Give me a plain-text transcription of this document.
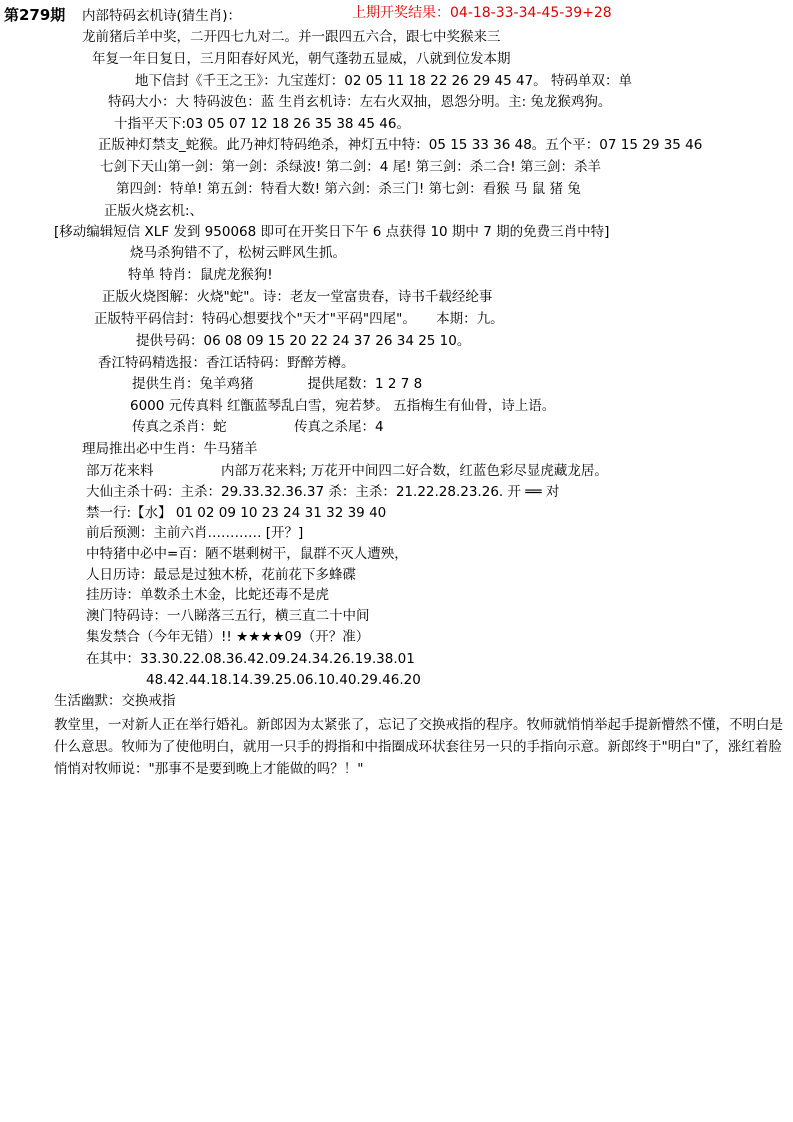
第279期 内部特码玄机诗(猜生肖)：	上期开奖结果：04-18-33-34-45-39+28
龙前猪后羊中奖，二开四七九对二。并一跟四五六合，跟七中奖猴来三
年复一年日复日，三月阳春好风光，朝气蓬勃五显威，八就到位发本期
地下信封《千王之王》：九宝莲灯：02 05 11 18 22 26 29 45 47。 特码单双：单
特码大小：大 特码波色：蓝 生肖玄机诗：左右火双抽，恩怨分明。主: 兔龙猴鸡狗。
十指平天下:03 05 07 12 18 26 35 38 45 46。
正版神灯禁支_蛇猴。此乃神灯特码绝杀，神灯五中特：05 15 33 36 48。五个平：07 15 29 35 46
七剑下天山第一剑：第一剑：杀绿波! 第二剑：4 尾! 第三剑：杀二合! 第三剑：杀羊
第四剑：特单! 第五剑：特看大数! 第六剑：杀三门! 第七剑：看猴 马 鼠 猪 兔
正版火烧玄机:、
[移动编辑短信 XLF 发到 950068 即可在开奖日下午 6 点获得 10 期中 7 期的免费三肖中特]
烧马杀狗错不了，松树云畔风生抓。
特单 特肖：鼠虎龙猴狗!
正版火烧图解：火烧"蛇"。诗：老友一堂富贵春，诗书千载经纶事
正版特平码信封：特码心想要找个"天才"平码"四尾"。　　本期：九。
提供号码：06 08 09 15 20 22 24 37 26 34 25 10。
香江特码精选报：香江话特码：野醉芳樽。
提供生肖：兔羊鸡猪　　　　提供尾数：1 2 7 8
6000 元传真料 红甑蓝琴乱白雪，宛若梦。 五指梅生有仙骨，诗上语。
传真之杀肖：蛇　　　　　传真之杀尾：4
理局推出必中生肖：牛马猪羊
部万花来料　　　　　内部万花来料; 万花开中间四二好合数，红蓝色彩尽显虎藏龙居。
大仙主杀十码：主杀：29.33.32.36.37 杀：主杀：21.22.28.23.26. 开 ══ 对
禁一行:【水】 01 02 09 10 23 24 31 32 39 40
前后预测：主前六肖………… [开？]
中特猪中必中=百：陋不堪剩树干，鼠群不灭人遭殃，
人日历诗：最忌是过独木桥，花前花下多蜂碟
挂历诗：单数杀土木金，比蛇还毒不是虎
澳门特码诗：一八睇落三五行，横三直二十中间
集发禁合（今年无错）!! ★★★★09（开？准）
在其中：33.30.22.08.36.42.09.24.34.26.19.38.01
48.42.44.18.14.39.25.06.10.40.29.46.20
生活幽默：交换戒指
教堂里，一对新人正在举行婚礼。新郎因为太紧张了，忘记了交换戒指的程序。牧师就悄悄举起手提新懵然不懂，不明白是什么意思。牧师为了使他明白，就用一只手的拇指和中指圈成环状套往另一只的手指向示意。新郎终于"明白"了，涨红着脸悄悄对牧师说："那事不是要到晚上才能做的吗？！"
